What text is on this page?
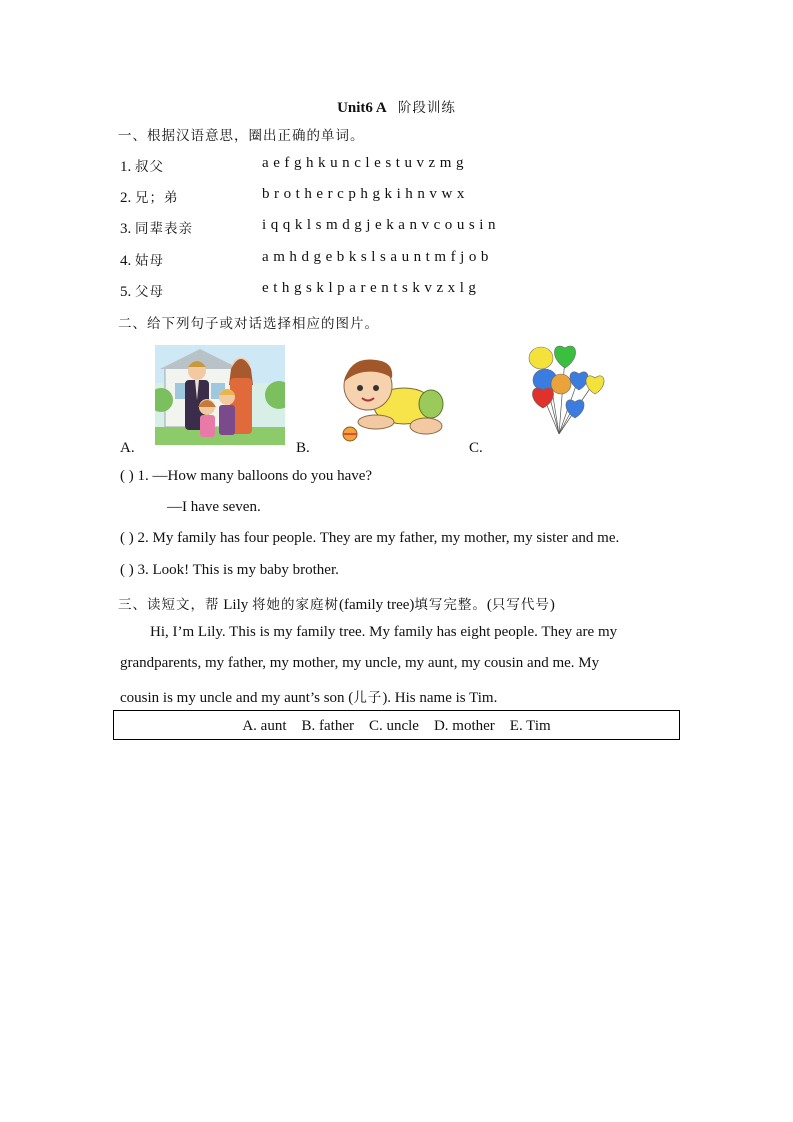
Unit6 A 阶段训练
一、根据汉语意思，圈出正确的单词。
1. 叔父	a e f g h k u n c l e s t u v z m g
2. 兄；弟	b r o t h e r c p h g k i h n v w x
3. 同辈表亲	i q q k l s m d g j e k a n v c o u s i n
4. 姑母	a m h d g e b k s l s a u n t m f j o b
5. 父母	e t h g s k l p a r e n t s k v z x l g
二、给下列句子或对话选择相应的图片。
A.	B.	C.
( ) 1. —How many balloons do you have?
—I have seven.
( ) 2. My family has four people. They are my father, my mother, my sister and me.
( ) 3. Look! This is my baby brother.
三、读短文，帮 Lily 将她的家庭树(family tree)填写完整。(只写代号)
Hi, I’m Lily. This is my family tree. My family has eight people. They are my
grandparents, my father, my mother, my uncle, my aunt, my cousin and me. My
cousin is my uncle and my aunt’s son (儿子). His name is Tim.
A. aunt    B. father    C. uncle    D. mother    E. Tim
